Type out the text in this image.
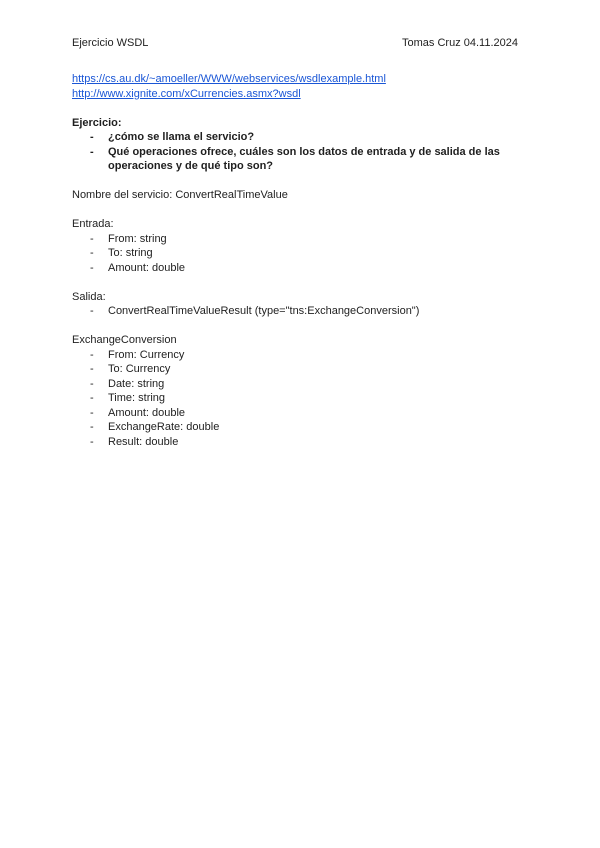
Ejercicio WSDL	Tomas Cruz 04.11.2024
https://cs.au.dk/~amoeller/WWW/webservices/wsdlexample.html
http://www.xignite.com/xCurrencies.asmx?wsdl
Ejercicio:
- ¿cómo se llama el servicio?
- Qué operaciones ofrece, cuáles son los datos de entrada y de salida de las operaciones y de qué tipo son?
Nombre del servicio: ConvertRealTimeValue
Entrada:
- From: string
- To: string
- Amount: double
Salida:
- ConvertRealTimeValueResult (type="tns:ExchangeConversion")
ExchangeConversion
- From: Currency
- To: Currency
- Date: string
- Time: string
- Amount: double
- ExchangeRate: double
- Result: double
